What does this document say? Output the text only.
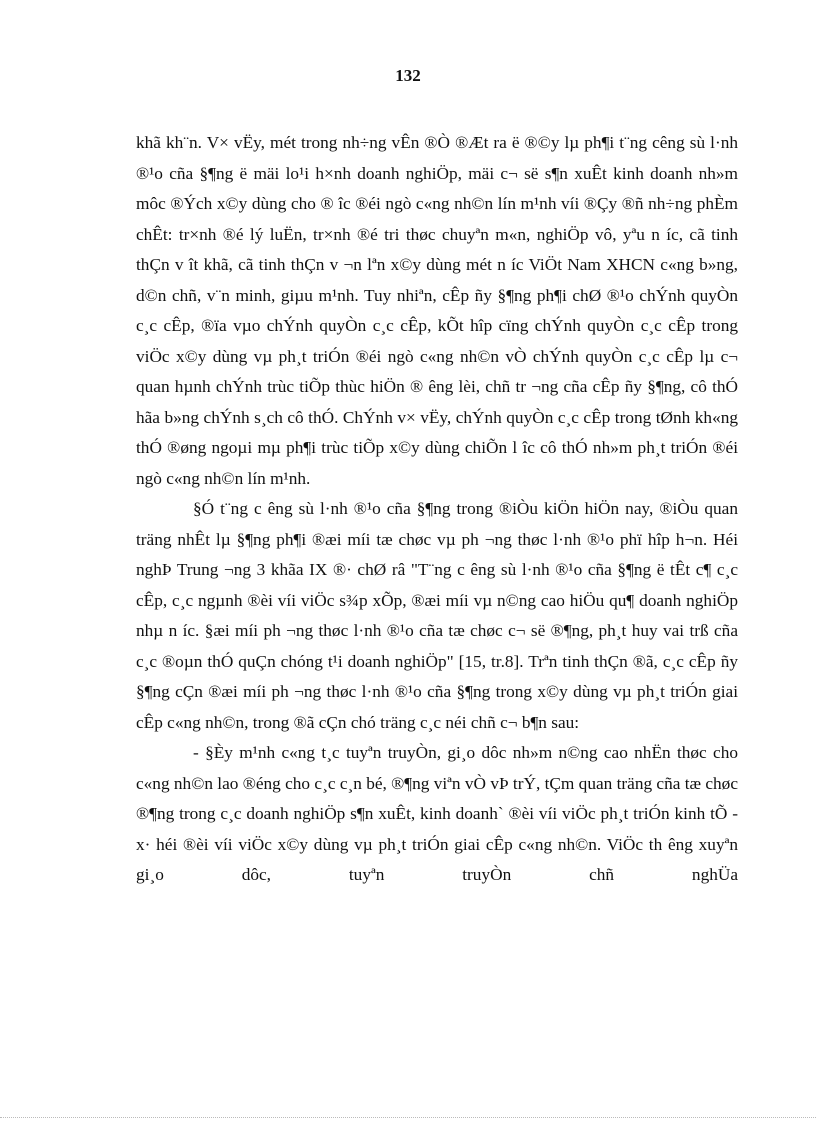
132

khã kh¨n. V× vËy, mét trong nh÷ng vÊn ®Ò ®Æt ra ë ®©y lµ ph¶i t¨ng cêng sù l·nh ®¹o cña §¶ng ë mäi lo¹i h×nh doanh nghiÖp, mäi c¬ së s¶n xuÊt kinh doanh nh»m môc ®Ých x©y dùng cho ® îc ®éi ngò c«ng nh©n lín m¹nh víi ®Çy ®ñ nh÷ng phÈm chÊt: tr×nh ®é lý luËn, tr×nh ®é tri thøc chuyªn m«n, nghiÖp vô, yªu n íc, cã tinh thÇn v ît khã, cã tinh thÇn v ¬n lªn x©y dùng mét n íc ViÖt Nam XHCN c«ng b»ng, d©n chñ, v¨n minh, giµu m¹nh. Tuy nhiªn, cÊp ñy §¶ng ph¶i chØ ®¹o chÝnh quyÒn c¸c cÊp, ®ïa vµo chÝnh quyÒn c¸c cÊp, kÕt hîp cïng chÝnh quyÒn c¸c cÊp trong viÖc x©y dùng vµ ph¸t triÓn ®éi ngò c«ng nh©n vÒ chÝnh quyÒn c¸c cÊp lµ c¬ quan hµnh chÝnh trùc tiÕp thùc hiÖn ® êng lèi, chñ tr ¬ng cña cÊp ñy §¶ng, cô thÓ hãa b»ng chÝnh s¸ch cô thÓ. ChÝnh v× vËy, chÝnh quyÒn c¸c cÊp trong tØnh kh«ng thÓ ®øng ngoµi mµ ph¶i trùc tiÕp x©y dùng chiÕn l îc cô thÓ nh»m ph¸t triÓn ®éi ngò c«ng nh©n lín m¹nh.

§Ó t¨ng c êng sù l·nh ®¹o cña §¶ng trong ®iÒu kiÖn hiÖn nay, ®iÒu quan träng nhÊt lµ §¶ng ph¶i ®æi míi tæ chøc vµ ph ¬ng thøc l·nh ®¹o phï hîp h¬n. Héi nghÞ Trung ¬ng 3 khãa IX ®· chØ râ "T¨ng c êng sù l·nh ®¹o cña §¶ng ë tÊt c¶ c¸c cÊp, c¸c ngµnh ®èi víi viÖc s¾p xÕp, ®æi míi vµ n©ng cao hiÖu qu¶ doanh nghiÖp nhµ n íc. §æi míi ph ¬ng thøc l·nh ®¹o cña tæ chøc c¬ së ®¶ng, ph¸t huy vai trß cña c¸c ®oµn thÓ quÇn chóng t¹i doanh nghiÖp" [15, tr.8]. Trªn tinh thÇn ®ã, c¸c cÊp ñy §¶ng cÇn ®æi míi ph ¬ng thøc l·nh ®¹o cña §¶ng trong x©y dùng vµ ph¸t triÓn giai cÊp c«ng nh©n, trong ®ã cÇn chó träng c¸c néi chñ c¬ b¶n sau:

- §Èy m¹nh c«ng t¸c tuyªn truyÒn, gi¸o dôc nh»m n©ng cao nhËn thøc cho c«ng nh©n lao ®éng cho c¸c c¸n bé, ®¶ng viªn vÒ vÞ trÝ, tÇm quan träng cña tæ chøc ®¶ng trong c¸c doanh nghiÖp s¶n xuÊt, kinh doanh` ®èi víi viÖc ph¸t triÓn kinh tÕ - x· héi ®èi víi viÖc x©y dùng vµ ph¸t triÓn giai cÊp c«ng nh©n. ViÖc th êng xuyªn gi¸o dôc, tuyªn truyÒn chñ nghÜa
